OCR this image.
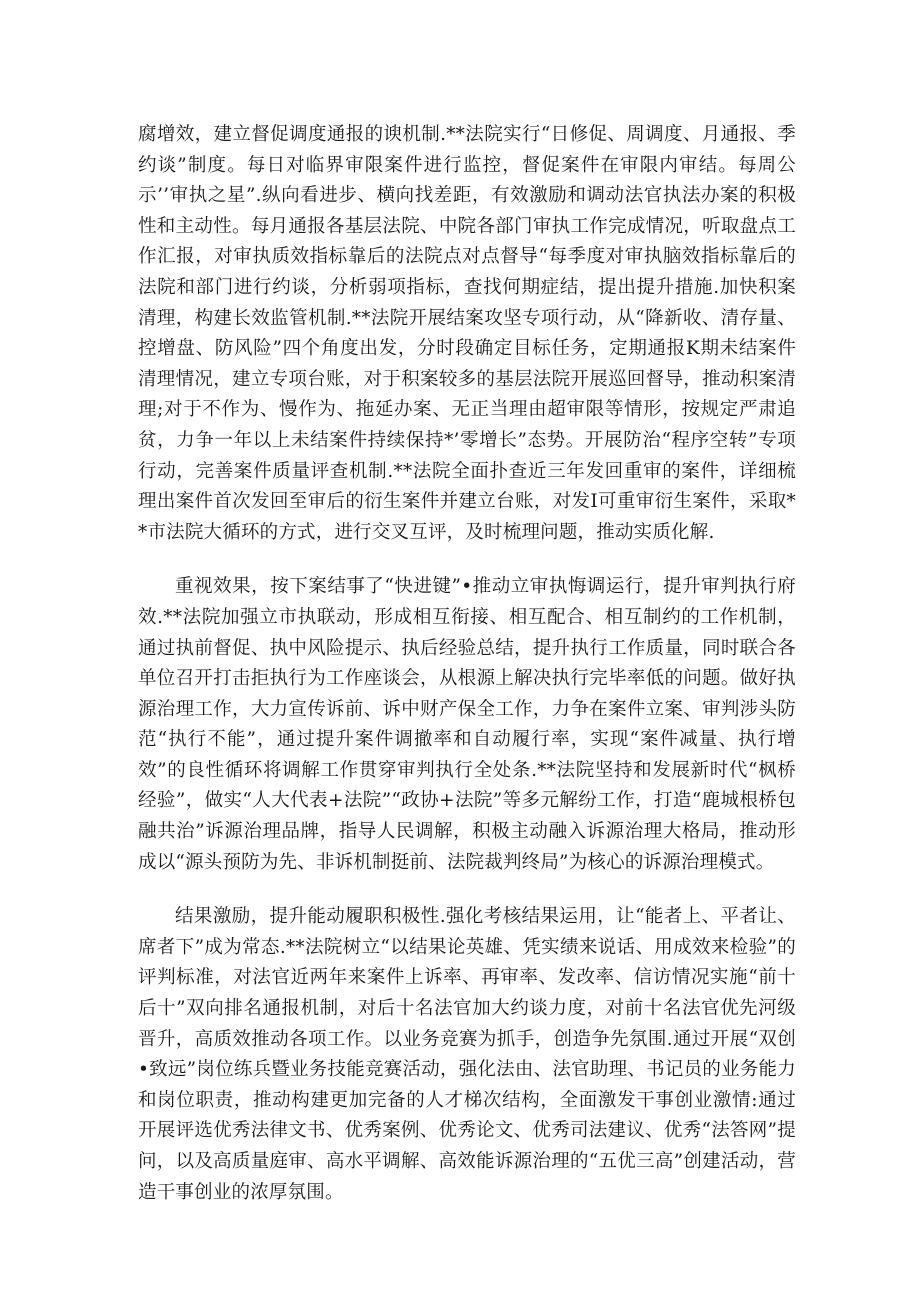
腐增效，建立督促调度通报的谀机制.**法院实行“日修促、周调度、月通报、季约谈”制度。每日对临界审限案件进行监控，督促案件在审限内审结。每周公示’’审执之星”.纵向看进步、横向找差距，有效激励和调动法官执法办案的积极性和主动性。每月通报各基层法院、中院各部门审执工作完成情况，听取盘点工作汇报，对审执质效指标靠后的法院点对点督导“每季度对审执脑效指标靠后的法院和部门进行约谈，分析弱项指标，查找何期症结，提出提升措施.加快积案清理，构建长效监管机制.**法院开展结案攻坚专项行动，从“降新收、清存量、控增盘、防风险”四个角度出发，分时段确定目标任务，定期通报K期未结案件清理情况，建立专项台账，对于积案较多的基层法院开展巡回督导，推动积案清理;对于不作为、慢作为、拖延办案、无正当理由超审限等情形，按规定严肃追贫，力争一年以上未结案件持续保持*’零增长”态势。开展防治“程序空转”专项行动，完善案件质量评查机制.**法院全面扑查近三年发回重审的案件，详细梳理出案件首次发回至审后的衍生案件并建立台账，对发I可重审衍生案件，采取**市法院大循环的方式，进行交叉互评，及时梳理问题，推动实质化解.

重视效果，按下案结事了“快进键”•推动立审执悔调运行，提升审判执行府效.**法院加强立市执联动，形成相互衔接、相互配合、相互制约的工作机制，通过执前督促、执中风险提示、执后经验总结，提升执行工作质量，同时联合各单位召开打击拒执行为工作座谈会，从根源上解决执行完毕率低的问题。做好执源治理工作，大力宣传诉前、诉中财产保全工作，力争在案件立案、审判涉头防范“执行不能”，通过提升案件调撤率和自动履行率，实现“案件减量、执行增效”的良性循环将调解工作贯穿审判执行全处条.**法院坚持和发展新时代“枫桥经验”，做实“人大代表+法院”“政协+法院”等多元解纷工作，打造“鹿城根桥包融共治”诉源治理品牌，指导人民调解，积极主动融入诉源治理大格局，推动形成以“源头预防为先、非诉机制挺前、法院裁判终局”为核心的诉源治理模式。

结果激励，提升能动履职积极性.强化考核结果运用，让“能者上、平者让、席者下”成为常态.**法院树立“以结果论英雄、凭实绩来说话、用成效来检验”的评判标准，对法官近两年来案件上诉率、再审率、发改率、信访情况实施“前十后十”双向排名通报机制，对后十名法官加大约谈力度，对前十名法官优先河级晋升，高质效推动各项工作。以业务竞赛为抓手，创造争先氛围.通过开展“双创•致远”岗位练兵暨业务技能竞赛活动，强化法由、法官助理、书记员的业务能力和岗位职责，推动构建更加完备的人才梯次结构，全面激发干事创业激情:通过开展评选优秀法律文书、优秀案例、优秀论文、优秀司法建议、优秀“法答网”提问，以及高质量庭审、高水平调解、高效能诉源治理的“五优三高”创建活动，营造干事创业的浓厚氛围。
